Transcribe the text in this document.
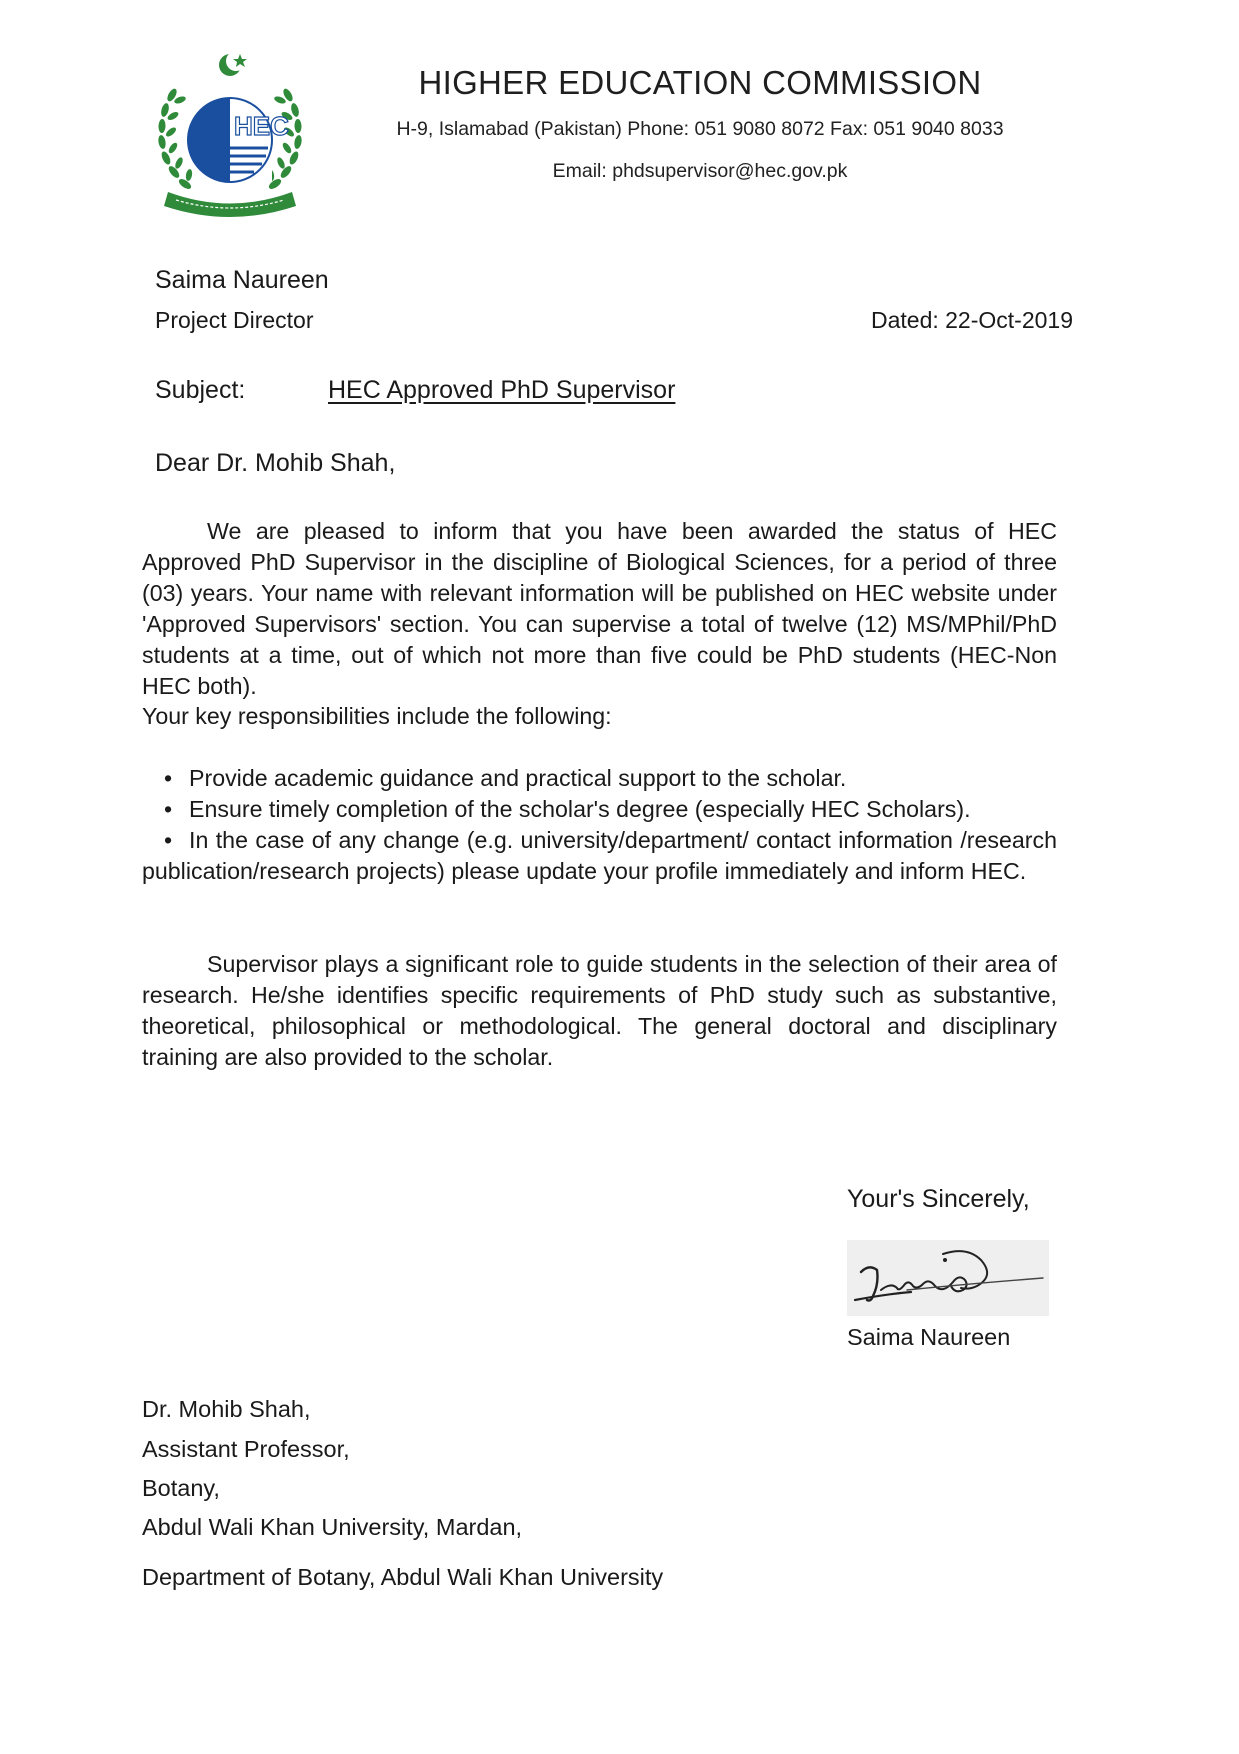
HEC
HIGHER EDUCATION COMMISSION
H-9, Islamabad (Pakistan) Phone: 051 9080 8072 Fax: 051 9040 8033
Email: phdsupervisor@hec.gov.pk
Saima Naureen
Project Director	Dated: 22-Oct-2019
Subject:	HEC Approved PhD Supervisor
Dear Dr. Mohib Shah,
We are pleased to inform that you have been awarded the status of HEC Approved PhD Supervisor in the discipline of Biological Sciences, for a period of three (03) years. Your name with relevant information will be published on HEC website under 'Approved Supervisors' section. You can supervise a total of twelve (12) MS/MPhil/PhD students at a time, out of which not more than five could be PhD students (HEC-Non HEC both).
Your key responsibilities include the following:
• Provide academic guidance and practical support to the scholar.
• Ensure timely completion of the scholar's degree (especially HEC Scholars).
• In the case of any change (e.g. university/department/ contact information /research publication/research projects) please update your profile immediately and inform HEC.
Supervisor plays a significant role to guide students in the selection of their area of research. He/she identifies specific requirements of PhD study such as substantive, theoretical, philosophical or methodological. The general doctoral and disciplinary training are also provided to the scholar.
Your's Sincerely,
Saima Naureen
Dr. Mohib Shah,
Assistant Professor,
Botany,
Abdul Wali Khan University, Mardan,
Department of Botany, Abdul Wali Khan University
